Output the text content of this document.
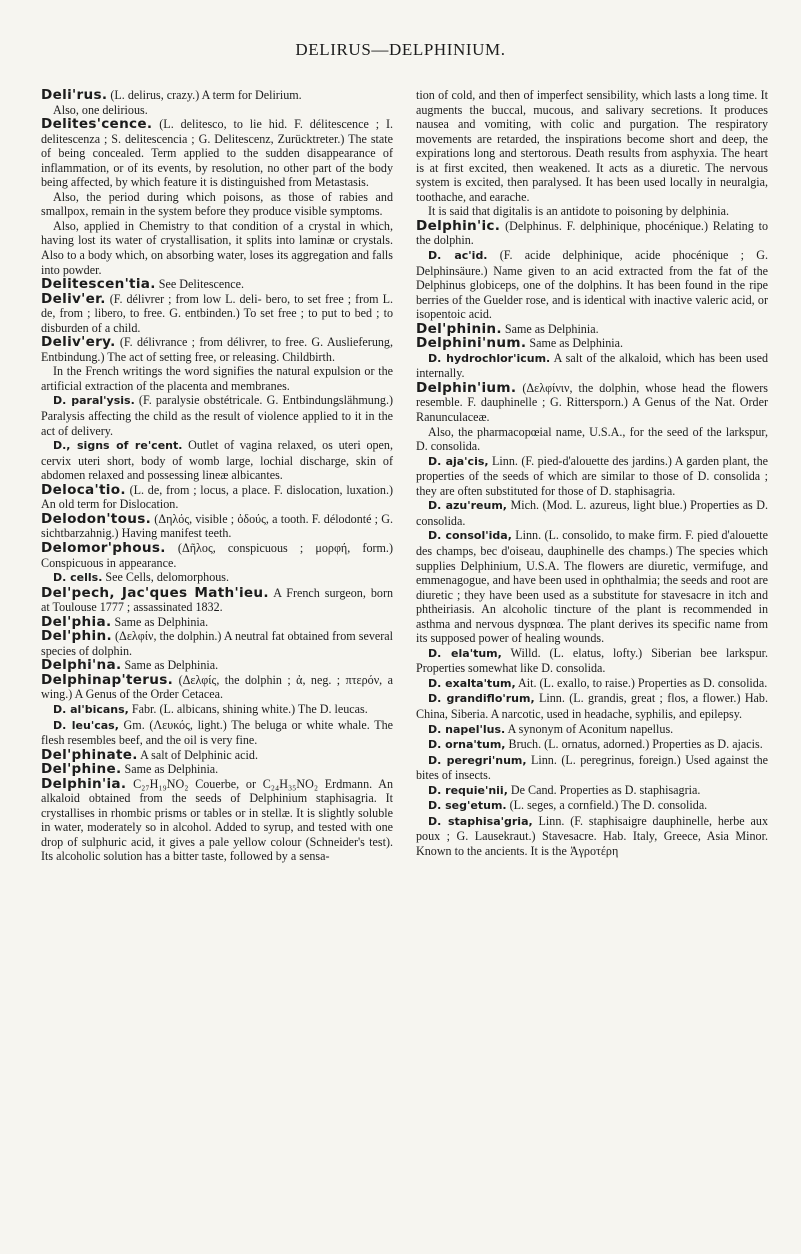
DELIRUS—DELPHINIUM.

Deli'rus. (L. delirus, crazy.) A term for Delirium.

Also, one delirious.

Delites'cence. (L. delitesco, to lie hid. F. délitescence ; I. delitescenza ; S. delitescencia ; G. Delitescenz, Zurücktreter.) The state of being concealed. Term applied to the sudden disappearance of inflammation, or of its events, by resolution, no other part of the body being affected, by which feature it is distinguished from Metastasis.

Also, the period during which poisons, as those of rabies and smallpox, remain in the system before they produce visible symptoms.

Also, applied in Chemistry to that condition of a crystal in which, having lost its water of crystallisation, it splits into laminæ or crystals. Also to a body which, on absorbing water, loses its aggregation and falls into powder.

Delitescen'tia. See Delitescence.

Deliv'er. (F. délivrer ; from low L. deli- bero, to set free ; from L. de, from ; libero, to free. G. entbinden.) To set free ; to put to bed ; to disburden of a child.

Deliv'ery. (F. délivrance ; from délivrer, to free. G. Auslieferung, Entbindung.) The act of setting free, or releasing. Childbirth.

In the French writings the word signifies the natural expulsion or the artificial extraction of the placenta and membranes.

D. paral'ysis. (F. paralysie obstétricale. G. Entbindungslähmung.) Paralysis affecting the child as the result of violence applied to it in the act of delivery.

D., signs of re'cent. Outlet of vagina relaxed, os uteri open, cervix uteri short, body of womb large, lochial discharge, skin of abdomen relaxed and possessing lineæ albicantes.

Deloca'tio. (L. de, from ; locus, a place. F. dislocation, luxation.) An old term for Dislocation.

Delodon'tous. (Δηλός, visible ; ὀδούς, a tooth. F. délodonté ; G. sichtbarzahnig.) Having manifest teeth.

Delomor'phous. (Δῆλος, conspicuous ; μορφή, form.) Conspicuous in appearance.

D. cells. See Cells, delomorphous.

Del'pech, Jac'ques Math'ieu. A French surgeon, born at Toulouse 1777 ; assassinated 1832.

Del'phia. Same as Delphinia.

Del'phin. (Δελφίν, the dolphin.) A neutral fat obtained from several species of dolphin.

Delphi'na. Same as Delphinia.

Delphinap'terus. (Δελφίς, the dolphin ; ἀ, neg. ; πτερόν, a wing.) A Genus of the Order Cetacea.

D. al'bicans, Fabr. (L. albicans, shining white.) The D. leucas.

D. leu'cas, Gm. (Λευκός, light.) The beluga or white whale. The flesh resembles beef, and the oil is very fine.

Del'phinate. A salt of Delphinic acid.

Del'phine. Same as Delphinia.

Delphin'ia. C₂₇H₁₉NO₂ Couerbe, or C₂₄H₃₅NO₂ Erdmann. An alkaloid obtained from the seeds of Delphinium staphisagria. It crystallises in rhombic prisms or tables or in stellæ. It is slightly soluble in water, moderately so in alcohol. Added to syrup, and tested with one drop of sulphuric acid, it gives a pale yellow colour (Schneider's test). Its alcoholic solution has a bitter taste, followed by a sensa-

tion of cold, and then of imperfect sensibility, which lasts a long time. It augments the buccal, mucous, and salivary secretions. It produces nausea and vomiting, with colic and purgation. The respiratory movements are retarded, the inspirations become short and deep, the expirations long and stertorous. Death results from asphyxia. The heart is at first excited, then weakened. It acts as a diuretic. The nervous system is excited, then paralysed. It has been used locally in neuralgia, toothache, and earache.

It is said that digitalis is an antidote to poisoning by delphinia.

Delphin'ic. (Delphinus. F. delphinique, phocénique.) Relating to the dolphin.

D. ac'id. (F. acide delphinique, acide phocénique ; G. Delphinsäure.) Name given to an acid extracted from the fat of the Delphinus globiceps, one of the dolphins. It has been found in the ripe berries of the Guelder rose, and is identical with inactive valeric acid, or isopentoic acid.

Del'phinin. Same as Delphinia.

Delphini'num. Same as Delphinia.

D. hydrochlor'icum. A salt of the alkaloid, which has been used internally.

Delphin'ium. (Δελφίνιν, the dolphin, whose head the flowers resemble. F. dauphinelle ; G. Rittersporn.) A Genus of the Nat. Order Ranunculaceæ.

Also, the pharmacopœial name, U.S.A., for the seed of the larkspur, D. consolida.

D. aja'cis, Linn. (F. pied-d'alouette des jardins.) A garden plant, the properties of the seeds of which are similar to those of D. consolida ; they are often substituted for those of D. staphisagria.

D. azu'reum, Mich. (Mod. L. azureus, light blue.) Properties as D. consolida.

D. consol'ida, Linn. (L. consolido, to make firm. F. pied d'alouette des champs, bec d'oiseau, dauphinelle des champs.) The species which supplies Delphinium, U.S.A. The flowers are diuretic, vermifuge, and emmenagogue, and have been used in ophthalmia; the seeds and root are diuretic ; they have been used as a substitute for stavesacre in itch and phtheiriasis. An alcoholic tincture of the plant is recommended in asthma and nervous dyspnœa. The plant derives its specific name from its supposed power of healing wounds.

D. ela'tum, Willd. (L. elatus, lofty.) Siberian bee larkspur. Properties somewhat like D. consolida.

D. exalta'tum, Ait. (L. exallo, to raise.) Properties as D. consolida.

D. grandiflo'rum, Linn. (L. grandis, great ; flos, a flower.) Hab. China, Siberia. A narcotic, used in headache, syphilis, and epilepsy.

D. napel'lus. A synonym of Aconitum napellus.

D. orna'tum, Bruch. (L. ornatus, adorned.) Properties as D. ajacis.

D. peregri'num, Linn. (L. peregrinus, foreign.) Used against the bites of insects.

D. requie'nii, De Cand. Properties as D. staphisagria.

D. seg'etum. (L. seges, a cornfield.) The D. consolida.

D. staphisa'gria, Linn. (F. staphisaigre dauphinelle, herbe aux poux ; G. Lausekraut.) Stavesacre. Hab. Italy, Greece, Asia Minor. Known to the ancients. It is the Ἀγροτέρη
